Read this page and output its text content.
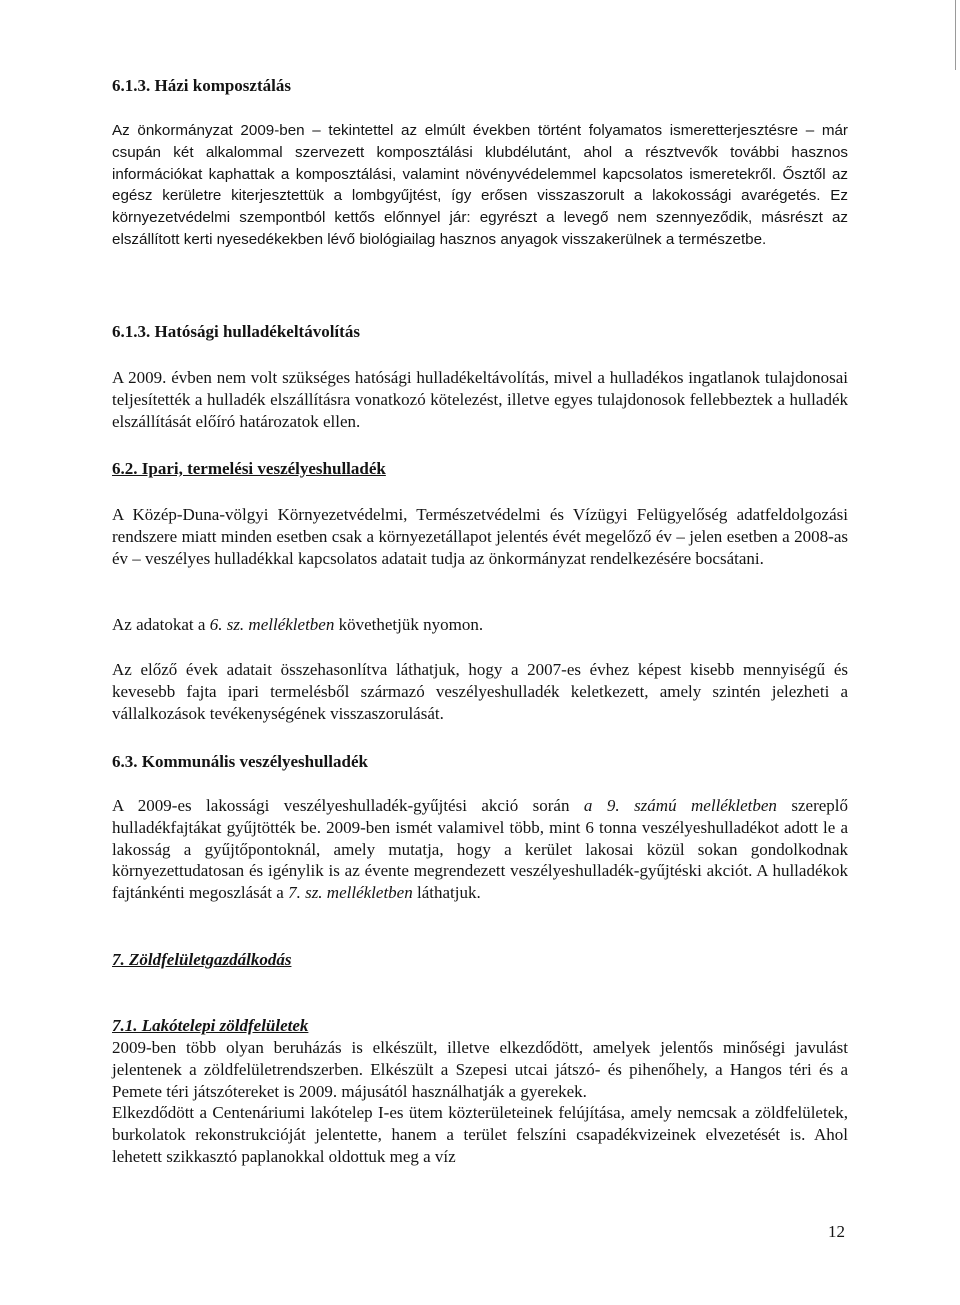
6.1.3. Házi komposztálás

Az önkormányzat 2009-ben – tekintettel az elmúlt években történt folyamatos ismeretterjesztésre – már csupán két alkalommal szervezett komposztálási klubdélutánt, ahol a résztvevők további hasznos információkat kaphattak a komposztálási, valamint növényvédelemmel kapcsolatos ismeretekről. Ősztől az egész kerületre kiterjesztettük a lombgyűjtést, így erősen visszaszorult a lakokossági avarégetés. Ez környezetvédelmi szempontból kettős előnnyel jár: egyrészt a levegő nem szennyeződik, másrészt az elszállított kerti nyesedékekben lévő biológiailag hasznos anyagok visszakerülnek a természetbe.

6.1.3. Hatósági hulladékeltávolítás

A 2009. évben nem volt szükséges hatósági hulladékeltávolítás, mivel a hulladékos ingatlanok tulajdonosai teljesítették a hulladék elszállításra vonatkozó kötelezést, illetve egyes tulajdonosok fellebbeztek a hulladék elszállítását előíró határozatok ellen.

6.2. Ipari, termelési veszélyeshulladék

A Közép-Duna-völgyi Környezetvédelmi, Természetvédelmi és Vízügyi Felügyelőség adatfeldolgozási rendszere miatt minden esetben csak a környezetállapot jelentés évét megelőző év – jelen esetben a 2008-as év – veszélyes hulladékkal kapcsolatos adatait tudja az önkormányzat rendelkezésére bocsátani.

Az adatokat a 6. sz. mellékletben követhetjük nyomon.

Az előző évek adatait összehasonlítva láthatjuk, hogy a 2007-es évhez képest kisebb mennyiségű és kevesebb fajta ipari termelésből származó veszélyeshulladék keletkezett, amely szintén jelezheti a vállalkozások tevékenységének visszaszorulását.

6.3. Kommunális veszélyeshulladék

A 2009-es lakossági veszélyeshulladék-gyűjtési akció során a 9. számú mellékletben szereplő hulladékfajtákat gyűjtötték be. 2009-ben ismét valamivel több, mint 6 tonna veszélyeshulladékot adott le a lakosság a gyűjtőpontoknál, amely mutatja, hogy a kerület lakosai közül sokan gondolkodnak környezettudatosan és igénylik is az évente megrendezett veszélyeshulladék-gyűjtéski akciót. A hulladékok fajtánkénti megoszlását a 7. sz. mellékletben láthatjuk.

7. Zöldfelületgazdálkodás
7.1. Lakótelepi zöldfelületek

2009-ben több olyan beruházás is elkészült, illetve elkezdődött, amelyek jelentős minőségi javulást jelentenek a zöldfelületrendszerben. Elkészült a Szepesi utcai játszó- és pihenőhely, a Hangos téri és a Pemete téri játszótereket is 2009. májusától használhatják a gyerekek.

Elkezdődött a Centenáriumi lakótelep I-es ütem közterületeinek felújítása, amely nemcsak a zöldfelületek, burkolatok rekonstrukcióját jelentette, hanem a terület felszíni csapadékvizeinek elvezetését is. Ahol lehetett szikkasztó paplanokkal oldottuk meg a víz

12
